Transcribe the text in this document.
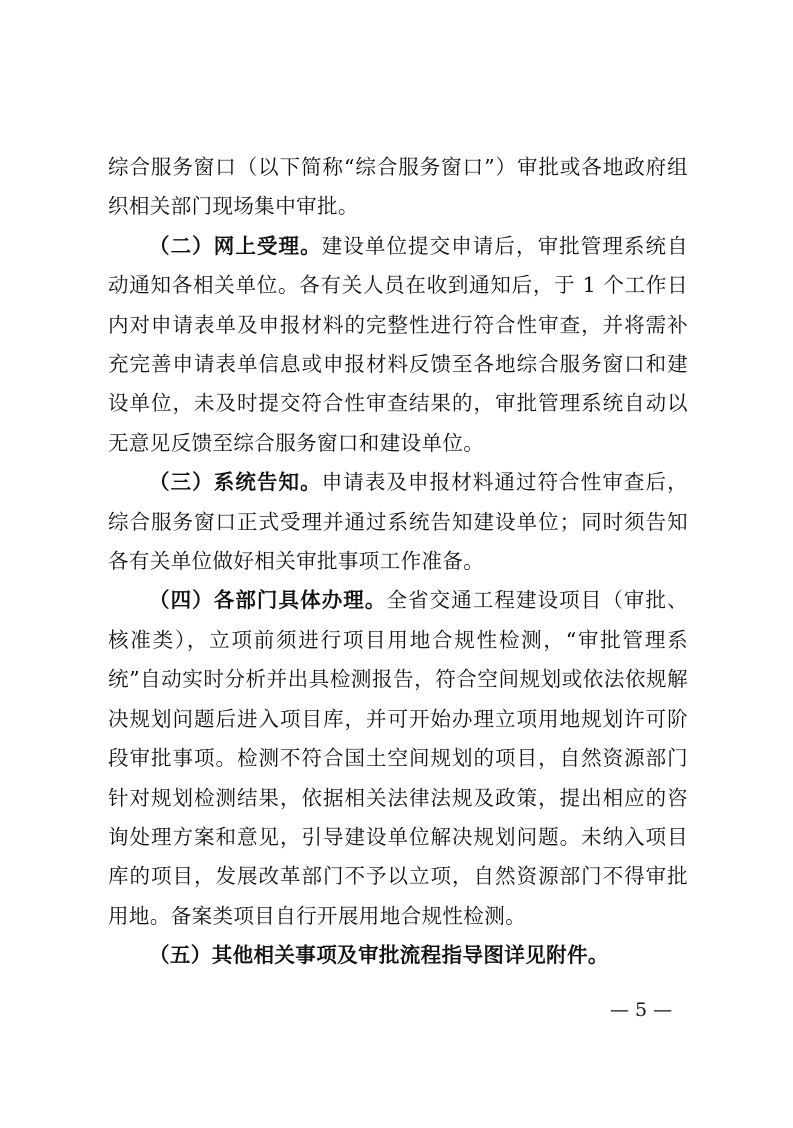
综合服务窗口（以下简称“综合服务窗口”）审批或各地政府组织相关部门现场集中审批。

（二）网上受理。建设单位提交申请后，审批管理系统自动通知各相关单位。各有关人员在收到通知后，于 1 个工作日内对申请表单及申报材料的完整性进行符合性审查，并将需补充完善申请表单信息或申报材料反馈至各地综合服务窗口和建设单位，未及时提交符合性审查结果的，审批管理系统自动以无意见反馈至综合服务窗口和建设单位。

（三）系统告知。申请表及申报材料通过符合性审查后，综合服务窗口正式受理并通过系统告知建设单位；同时须告知各有关单位做好相关审批事项工作准备。

（四）各部门具体办理。全省交通工程建设项目（审批、核准类），立项前须进行项目用地合规性检测，“审批管理系统”自动实时分析并出具检测报告，符合空间规划或依法依规解决规划问题后进入项目库，并可开始办理立项用地规划许可阶段审批事项。检测不符合国土空间规划的项目，自然资源部门针对规划检测结果，依据相关法律法规及政策，提出相应的咨询处理方案和意见，引导建设单位解决规划问题。未纳入项目库的项目，发展改革部门不予以立项，自然资源部门不得审批用地。备案类项目自行开展用地合规性检测。

（五）其他相关事项及审批流程指导图详见附件。

— 5 —
